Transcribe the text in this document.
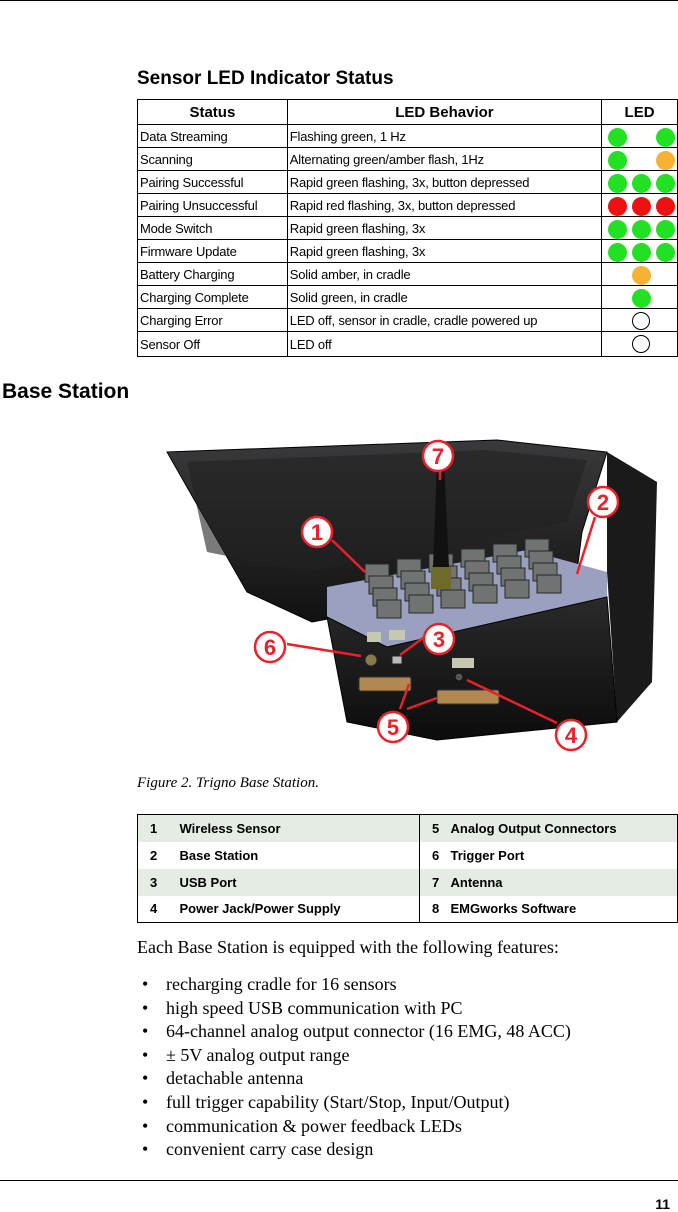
Sensor LED Indicator Status
Status	LED Behavior	LED
Data Streaming	Flashing green, 1 Hz	

Scanning	Alternating green/amber flash, 1Hz	

Pairing Successful	Rapid green flashing, 3x, button depressed	

Pairing Unsuccessful	Rapid red flashing, 3x, button depressed	

Mode Switch	Rapid green flashing, 3x	

Firmware Update	Rapid green flashing, 3x	

Battery Charging	Solid amber, in cradle	

Charging Complete	Solid green, in cradle	

Charging Error	LED off, sensor in cradle, cradle powered up	

Sensor Off	LED off	
Base Station
1
2
3
4
5
6
7
Figure 2. Trigno Base Station.
1	Wireless Sensor	5	Analog Output Connectors
2	Base Station	6	Trigger Port
3	USB Port	7	Antenna
4	Power Jack/Power Supply	8	EMGworks Software
Each Base Station is equipped with the following features:
• recharging cradle for 16 sensors
• high speed USB communication with PC
• 64-channel analog output connector (16 EMG, 48 ACC)
• ± 5V analog output range
• detachable antenna
• full trigger capability (Start/Stop, Input/Output)
• communication & power feedback LEDs
• convenient carry case design
11
